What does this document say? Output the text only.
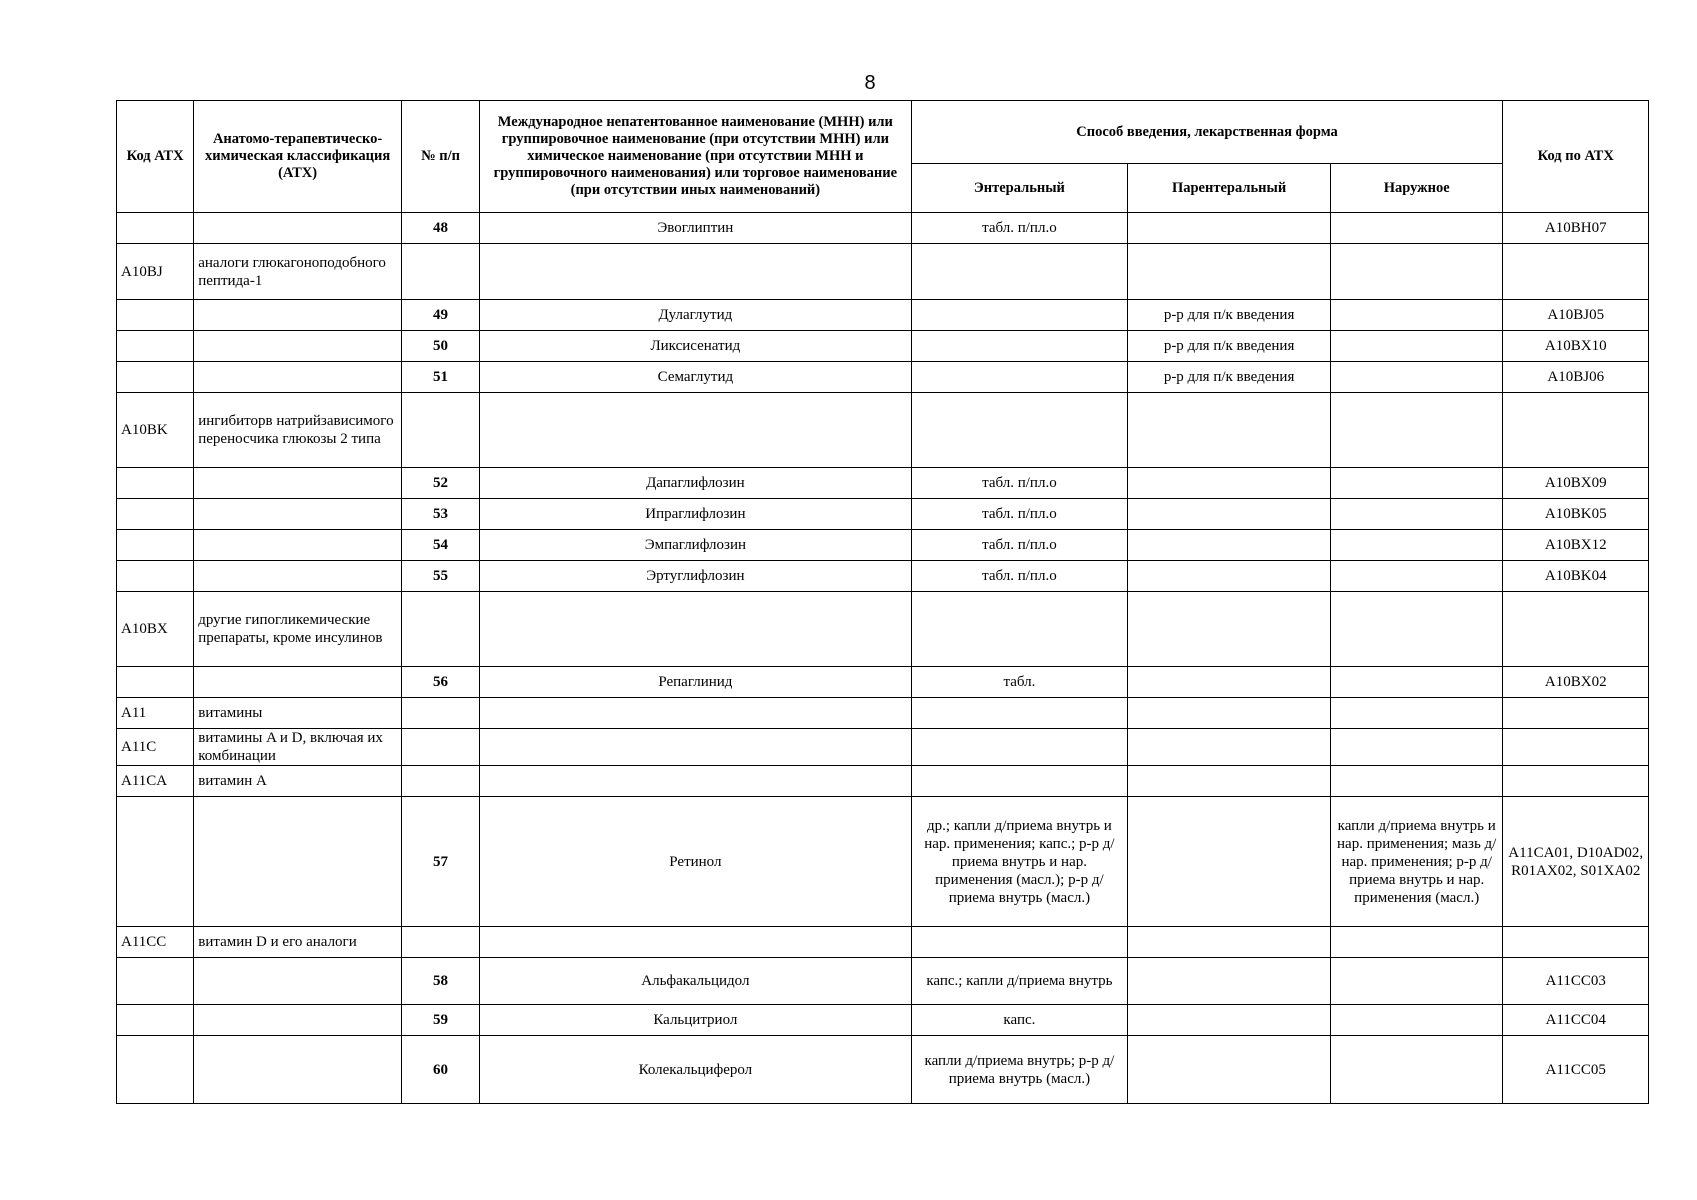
8
Код АТХ	Анатомо-терапевтическо-химическая классификация (АТХ)	№ п/п	Международное непатентованное наименование (МНН) или группировочное наименование (при отсутствии МНН) или химическое наименование (при отсутствии МНН и группировочного наименования) или торговое наименование (при отсутствии иных наименований)	Способ введения, лекарственная форма			Код по АТХ
				Энтеральный	Парентеральный	Наружное	
		48	Эвоглиптин	табл. п/пл.о			A10BH07
A10BJ	аналоги глюкагоноподобного пептида-1						
		49	Дулаглутид		р-р для п/к введения		A10BJ05
		50	Ликсисенатид		р-р для п/к введения		A10BX10
		51	Семаглутид		р-р для п/к введения		A10BJ06
A10BK	ингибиторв натрийзависимого переносчика глюкозы 2 типа						
		52	Дапаглифлозин	табл. п/пл.о			A10BX09
		53	Ипраглифлозин	табл. п/пл.о			A10BK05
		54	Эмпаглифлозин	табл. п/пл.о			A10BX12
		55	Эртуглифлозин	табл. п/пл.о			A10BK04
A10BX	другие гипогликемические препараты, кроме инсулинов						
		56	Репаглинид	табл.			A10BX02
A11	витамины						
A11C	витамины A и D, включая их комбинации						
A11CA	витамин A						
		57	Ретинол	др.; капли д/приема внутрь и нар. применения; капс.; р-р д/приема внутрь и нар. применения (масл.); р-р д/приема внутрь (масл.)		капли д/приема внутрь и нар. применения; мазь д/нар. применения; р-р д/приема внутрь и нар. применения (масл.)	A11CA01, D10AD02, R01AX02, S01XA02
A11CC	витамин D и его аналоги						
		58	Альфакальцидол	капс.; капли д/приема внутрь			A11CC03
		59	Кальцитриол	капс.			A11CC04
		60	Колекальциферол	капли д/приема внутрь; р-р д/приема внутрь (масл.)			A11CC05
